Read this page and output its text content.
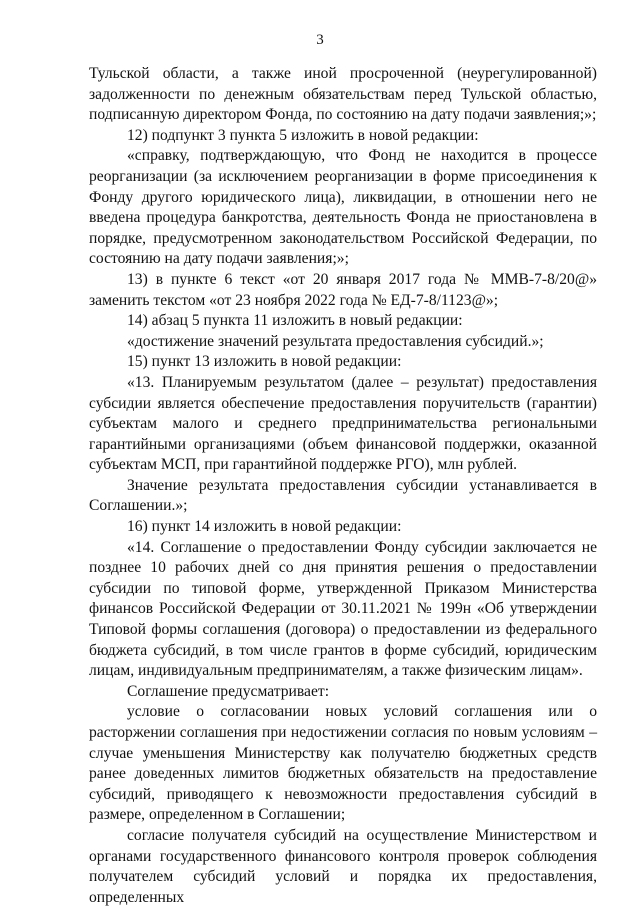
3

Тульской области, а также иной просроченной (неурегулированной) задолженности по денежным обязательствам перед Тульской областью, подписанную директором Фонда, по состоянию на дату подачи заявления;»;

12) подпункт 3 пункта 5 изложить в новой редакции:

«справку, подтверждающую, что Фонд не находится в процессе реорганизации (за исключением реорганизации в форме присоединения к Фонду другого юридического лица), ликвидации, в отношении него не введена процедура банкротства, деятельность Фонда не приостановлена в порядке, предусмотренном законодательством Российской Федерации, по состоянию на дату подачи заявления;»;

13) в пункте 6 текст «от 20 января 2017 года № ММВ-7-8/20@» заменить текстом «от 23 ноября 2022 года № ЕД-7-8/1123@»;

14) абзац 5 пункта 11 изложить в новый редакции:

«достижение значений результата предоставления субсидий.»;

15) пункт 13 изложить в новой редакции:

«13. Планируемым результатом (далее – результат) предоставления субсидии является обеспечение предоставления поручительств (гарантии) субъектам малого и среднего предпринимательства региональными гарантийными организациями (объем финансовой поддержки, оказанной субъектам МСП, при гарантийной поддержке РГО), млн рублей.

Значение результата предоставления субсидии устанавливается в Соглашении.»;

16) пункт 14 изложить в новой редакции:

«14. Соглашение о предоставлении Фонду субсидии заключается не позднее 10 рабочих дней со дня принятия решения о предоставлении субсидии по типовой форме, утвержденной Приказом Министерства финансов Российской Федерации от 30.11.2021 № 199н «Об утверждении Типовой формы соглашения (договора) о предоставлении из федерального бюджета субсидий, в том числе грантов в форме субсидий, юридическим лицам, индивидуальным предпринимателям, а также физическим лицам».

Соглашение предусматривает:

условие о согласовании новых условий соглашения или о расторжении соглашения при недостижении согласия по новым условиям – случае уменьшения Министерству как получателю бюджетных средств ранее доведенных лимитов бюджетных обязательств на предоставление субсидий, приводящего к невозможности предоставления субсидий в размере, определенном в Соглашении;

согласие получателя субсидий на осуществление Министерством и органами государственного финансового контроля проверок соблюдения получателем субсидий условий и порядка их предоставления, определенных
